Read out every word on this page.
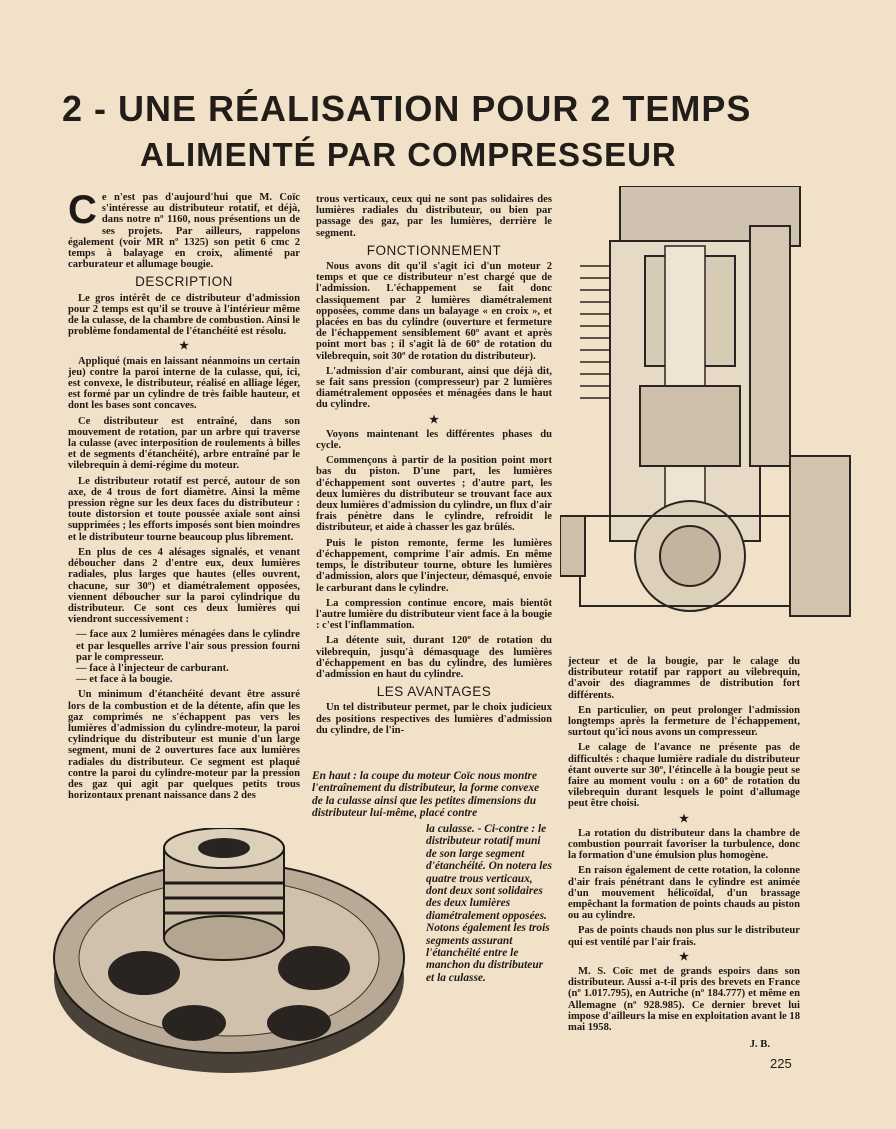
2 - UNE RÉALISATION POUR 2 TEMPS
ALIMENTÉ PAR COMPRESSEUR

Ce n'est pas d'aujourd'hui que M. Coïc s'intéresse au distributeur rotatif, et déjà, dans notre nº 1160, nous présentions un de ses projets. Par ailleurs, rappelons également (voir MR nº 1325) son petit 6 cmc 2 temps à balayage en croix, alimenté par carburateur et allumage bougie.

DESCRIPTION

Le gros intérêt de ce distributeur d'admission pour 2 temps est qu'il se trouve à l'intérieur même de la culasse, de la chambre de combustion. Ainsi le problème fondamental de l'étanchéité est résolu.

★

Appliqué (mais en laissant néanmoins un certain jeu) contre la paroi interne de la culasse, qui, ici, est convexe, le distributeur, réalisé en alliage léger, est formé par un cylindre de très faible hauteur, et dont les bases sont concaves.

Ce distributeur est entraîné, dans son mouvement de rotation, par un arbre qui traverse la culasse (avec interposition de roulements à billes et de segments d'étanchéité), arbre entraîné par le vilebrequin à demi-régime du moteur.

Le distributeur rotatif est percé, autour de son axe, de 4 trous de fort diamètre. Ainsi la même pression règne sur les deux faces du distributeur : toute distorsion et toute poussée axiale sont ainsi supprimées ; les efforts imposés sont bien moindres et le distributeur tourne beaucoup plus librement.

En plus de ces 4 alésages signalés, et venant déboucher dans 2 d'entre eux, deux lumières radiales, plus larges que hautes (elles ouvrent, chacune, sur 30º) et diamétralement opposées, viennent déboucher sur la paroi cylindrique du distributeur. Ce sont ces deux lumières qui viendront successivement :

— face aux 2 lumières ménagées dans le cylindre et par lesquelles arrive l'air sous pression fourni par le compresseur.

— face à l'injecteur de carburant.

— et face à la bougie.

Un minimum d'étanchéité devant être assuré lors de la combustion et de la détente, afin que les gaz comprimés ne s'échappent pas vers les lumières d'admission du cylindre-moteur, la paroi cylindrique du distributeur est munie d'un large segment, muni de 2 ouvertures face aux lumières radiales du distributeur. Ce segment est plaqué contre la paroi du cylindre-moteur par la pression des gaz qui agit par quelques petits trous horizontaux prenant naissance dans 2 des

trous verticaux, ceux qui ne sont pas solidaires des lumières radiales du distributeur, ou bien par passage des gaz, par les lumières, derrière le segment.

FONCTIONNEMENT

Nous avons dit qu'il s'agit ici d'un moteur 2 temps et que ce distributeur n'est chargé que de l'admission. L'échappement se fait donc classiquement par 2 lumières diamétralement opposées, comme dans un balayage « en croix », et placées en bas du cylindre (ouverture et fermeture de l'échappement sensiblement 60º avant et après point mort bas ; il s'agit là de 60º de rotation du vilebrequin, soit 30º de rotation du distributeur).

L'admission d'air comburant, ainsi que déjà dit, se fait sans pression (compresseur) par 2 lumières diamétralement opposées et ménagées dans le haut du cylindre.

★

Voyons maintenant les différentes phases du cycle.

Commençons à partir de la position point mort bas du piston. D'une part, les lumières d'échappement sont ouvertes ; d'autre part, les deux lumières du distributeur se trouvant face aux deux lumières d'admission du cylindre, un flux d'air frais pénètre dans le cylindre, refroidit le distributeur, et aide à chasser les gaz brûlés.

Puis le piston remonte, ferme les lumières d'échappement, comprime l'air admis. En même temps, le distributeur tourne, obture les lumières d'admission, alors que l'injecteur, démasqué, envoie le carburant dans le cylindre.

La compression continue encore, mais bientôt l'autre lumière du distributeur vient face à la bougie : c'est l'inflammation.

La détente suit, durant 120º de rotation du vilebrequin, jusqu'à démasquage des lumières d'échappement en bas du cylindre, des lumières d'admission en haut du cylindre.

LES AVANTAGES

Un tel distributeur permet, par le choix judicieux des positions respectives des lumières d'admission du cylindre, de l'in-

jecteur et de la bougie, par le calage du distributeur rotatif par rapport au vilebrequin, d'avoir des diagrammes de distribution fort différents.

En particulier, on peut prolonger l'admission longtemps après la fermeture de l'échappement, surtout qu'ici nous avons un compresseur.

Le calage de l'avance ne présente pas de difficultés : chaque lumière radiale du distributeur étant ouverte sur 30º, l'étincelle à la bougie peut se faire au moment voulu : on a 60º de rotation du vilebrequin durant lesquels le point d'allumage peut être choisi.

★

La rotation du distributeur dans la chambre de combustion pourrait favoriser la turbulence, donc la formation d'une émulsion plus homogène.

En raison également de cette rotation, la colonne d'air frais pénétrant dans le cylindre est animée d'un mouvement hélicoïdal, d'un brassage empêchant la formation de points chauds au piston ou au cylindre.

Pas de points chauds non plus sur le distributeur qui est ventilé par l'air frais.

★

M. S. Coïc met de grands espoirs dans son distributeur. Aussi a-t-il pris des brevets en France (nº 1.017.795), en Autriche (nº 184.777) et même en Allemagne (nº 928.985). Ce dernier brevet lui impose d'ailleurs la mise en exploitation avant le 18 mai 1958.

J. B.
En haut : la coupe du moteur Coïc nous montre l'entraînement du distributeur, la forme convexe de la culasse ainsi que les petites dimensions du distributeur lui-même, placé contre
la culasse. - Ci-contre : le distributeur rotatif muni de son large segment d'étanchéité. On notera les quatre trous verticaux, dont deux sont solidaires des deux lumières diamétralement opposées. Notons également les trois segments assurant l'étanchéité entre le manchon du distributeur et la culasse.
225
